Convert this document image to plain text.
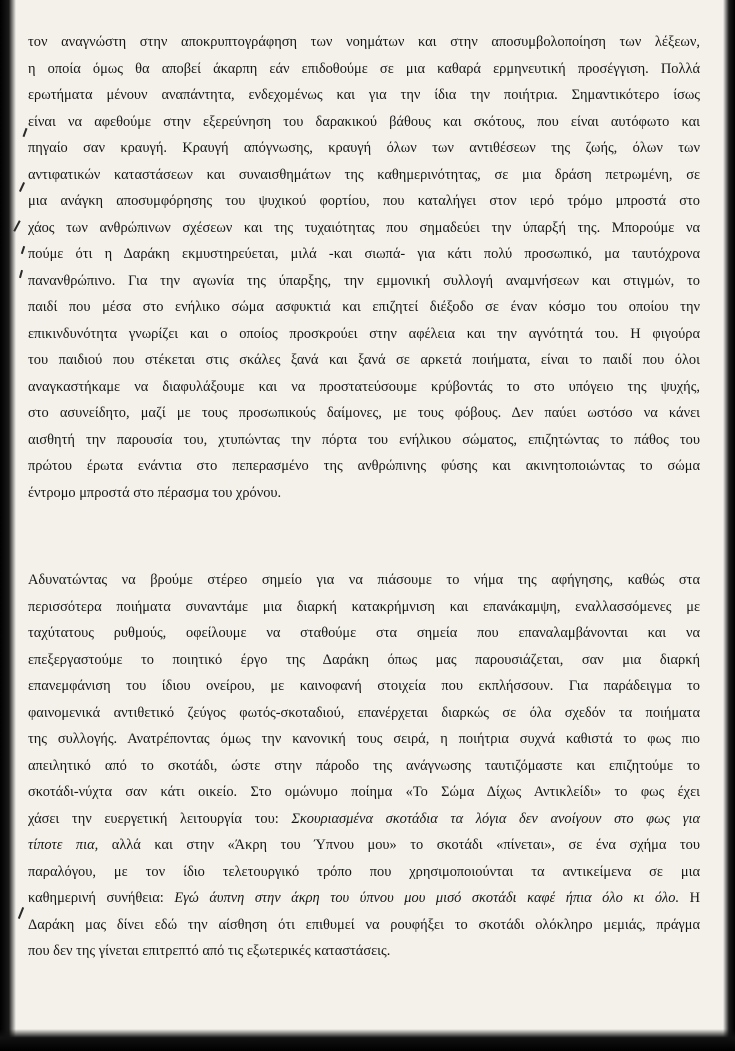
τον αναγνώστη στην αποκρυπτογράφηση των νοημάτων και στην αποσυμβολοποίηση των λέξεων,
η οποία όμως θα αποβεί άκαρπη εάν επιδοθούμε σε μια καθαρά ερμηνευτική προσέγγιση. Πολλά
ερωτήματα μένουν αναπάντητα, ενδεχομένως και για την ίδια την ποιήτρια. Σημαντικότερο ίσως
είναι να αφεθούμε στην εξερεύνηση του δαρακικού βάθους και σκότους, που είναι αυτόφωτο και
πηγαίο σαν κραυγή. Κραυγή απόγνωσης, κραυγή όλων των αντιθέσεων της ζωής, όλων των
αντιφατικών καταστάσεων και συναισθημάτων της καθημερινότητας, σε μια δράση πετρωμένη, σε
μια ανάγκη αποσυμφόρησης του ψυχικού φορτίου, που καταλήγει στον ιερό τρόμο μπροστά στο
χάος των ανθρώπινων σχέσεων και της τυχαιότητας που σημαδεύει την ύπαρξή της. Μπορούμε να
πούμε ότι η Δαράκη εκμυστηρεύεται, μιλά -και σιωπά- για κάτι πολύ προσωπικό, μα ταυτόχρονα
πανανθρώπινο. Για την αγωνία της ύπαρξης, την εμμονική συλλογή αναμνήσεων και στιγμών, το
παιδί που μέσα στο ενήλικο σώμα ασφυκτιά και επιζητεί διέξοδο σε έναν κόσμο του οποίου την
επικινδυνότητα γνωρίζει και ο οποίος προσκρούει στην αφέλεια και την αγνότητά του. Η φιγούρα
του παιδιού που στέκεται στις σκάλες ξανά και ξανά σε αρκετά ποιήματα, είναι το παιδί που όλοι
αναγκαστήκαμε να διαφυλάξουμε και να προστατεύσουμε κρύβοντάς το στο υπόγειο της ψυχής,
στο ασυνείδητο, μαζί με τους προσωπικούς δαίμονες, με τους φόβους. Δεν παύει ωστόσο να κάνει
αισθητή την παρουσία του, χτυπώντας την πόρτα του ενήλικου σώματος, επιζητώντας το πάθος του
πρώτου έρωτα ενάντια στο πεπερασμένο της ανθρώπινης φύσης και ακινητοποιώντας το σώμα
έντρομο μπροστά στο πέρασμα του χρόνου.
Αδυνατώντας να βρούμε στέρεο σημείο για να πιάσουμε το νήμα της αφήγησης, καθώς στα
περισσότερα ποιήματα συναντάμε μια διαρκή κατακρήμνιση και επανάκαμψη, εναλλασσόμενες με
ταχύτατους ρυθμούς, οφείλουμε να σταθούμε στα σημεία που επαναλαμβάνονται και να
επεξεργαστούμε το ποιητικό έργο της Δαράκη όπως μας παρουσιάζεται, σαν μια διαρκή
επανεμφάνιση του ίδιου ονείρου, με καινοφανή στοιχεία που εκπλήσσουν. Για παράδειγμα το
φαινομενικά αντιθετικό ζεύγος φωτός-σκοταδιού, επανέρχεται διαρκώς σε όλα σχεδόν τα ποιήματα
της συλλογής. Ανατρέποντας όμως την κανονική τους σειρά, η ποιήτρια συχνά καθιστά το φως πιο
απειλητικό από το σκοτάδι, ώστε στην πάροδο της ανάγνωσης ταυτιζόμαστε και επιζητούμε το
σκοτάδι-νύχτα σαν κάτι οικείο. Στο ομώνυμο ποίημα «Το Σώμα Δίχως Αντικλείδι» το φως έχει
χάσει την ευεργετική λειτουργία του: Σκουριασμένα σκοτάδια τα λόγια δεν ανοίγουν στο φως για
τίποτε πια, αλλά και στην «Άκρη του Ύπνου μου» το σκοτάδι «πίνεται», σε ένα σχήμα του
παραλόγου, με τον ίδιο τελετουργικό τρόπο που χρησιμοποιούνται τα αντικείμενα σε μια
καθημερινή συνήθεια: Εγώ άυπνη στην άκρη του ύπνου μου μισό σκοτάδι καφέ ήπια όλο κι όλο. Η
Δαράκη μας δίνει εδώ την αίσθηση ότι επιθυμεί να ρουφήξει το σκοτάδι ολόκληρο μεμιάς, πράγμα
που δεν της γίνεται επιτρεπτό από τις εξωτερικές καταστάσεις.
